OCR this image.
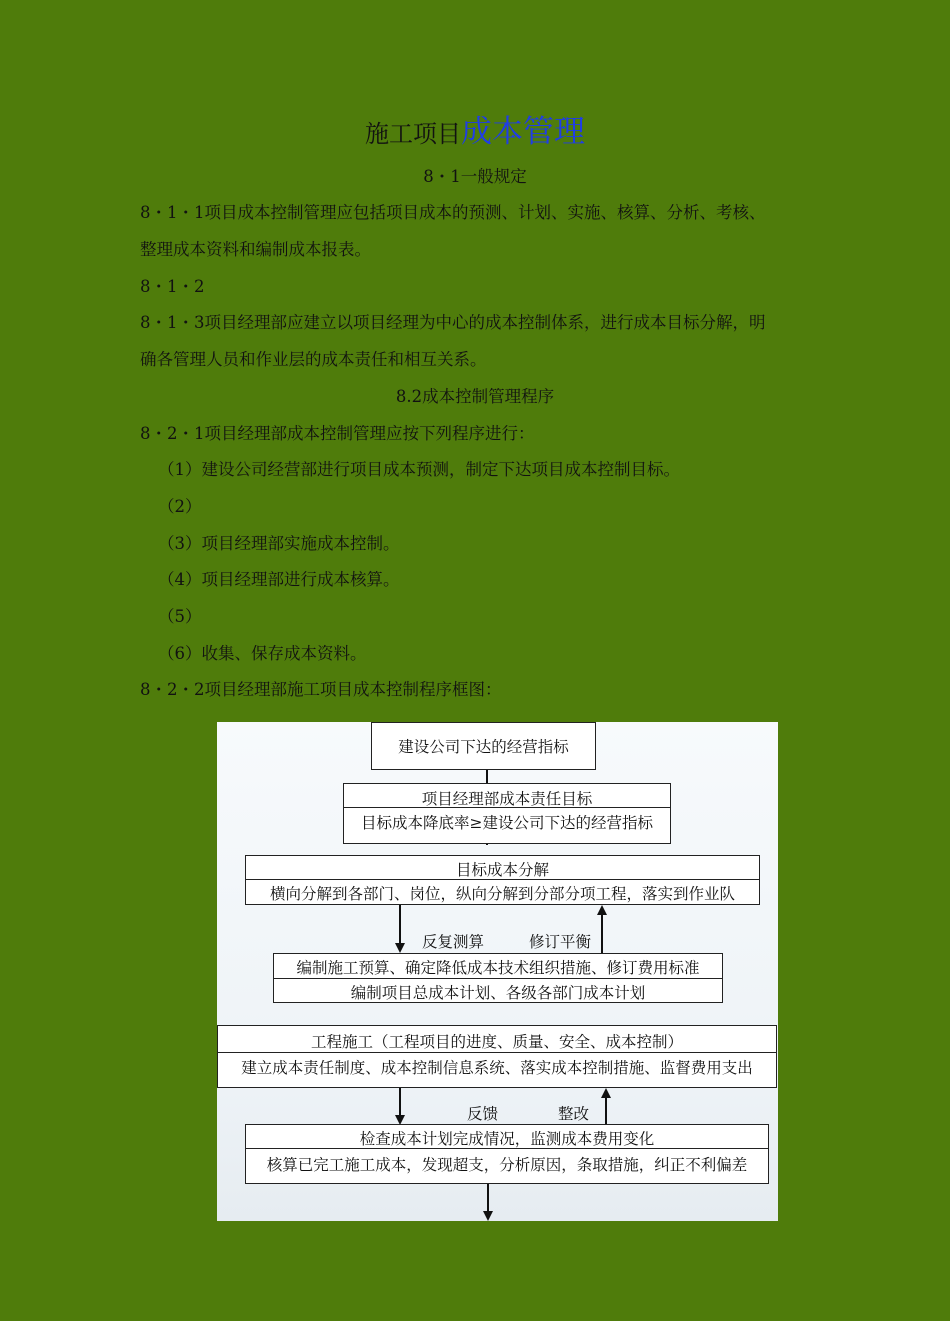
施工项目成本管理
8・1一般规定
8・1・1项目成本控制管理应包括项目成本的预测、计划、实施、核算、分析、考核、
整理成本资料和编制成本报表。
8・1・2
8・1・3项目经理部应建立以项目经理为中心的成本控制体系，进行成本目标分解，明
确各管理人员和作业层的成本责任和相互关系。
8.2成本控制管理程序
8・2・1项目经理部成本控制管理应按下列程序进行：
（1）建设公司经营部进行项目成本预测，制定下达项目成本控制目标。
（2）
（3）项目经理部实施成本控制。
（4）项目经理部进行成本核算。
（5）
（6）收集、保存成本资料。
8・2・2项目经理部施工项目成本控制程序框图：
建设公司下达的经营指标
项目经理部成本责任目标
目标成本降底率≥建设公司下达的经营指标
目标成本分解
横向分解到各部门、岗位，纵向分解到分部分项工程，落实到作业队
反复测算	修订平衡
编制施工预算、确定降低成本技术组织措施、修订费用标准
编制项目总成本计划、各级各部门成本计划
工程施工（工程项目的进度、质量、安全、成本控制）
建立成本责任制度、成本控制信息系统、落实成本控制措施、监督费用支出
反馈	整改
检查成本计划完成情况，监测成本费用变化
核算已完工施工成本，发现超支，分析原因，条取措施，纠正不利偏差
